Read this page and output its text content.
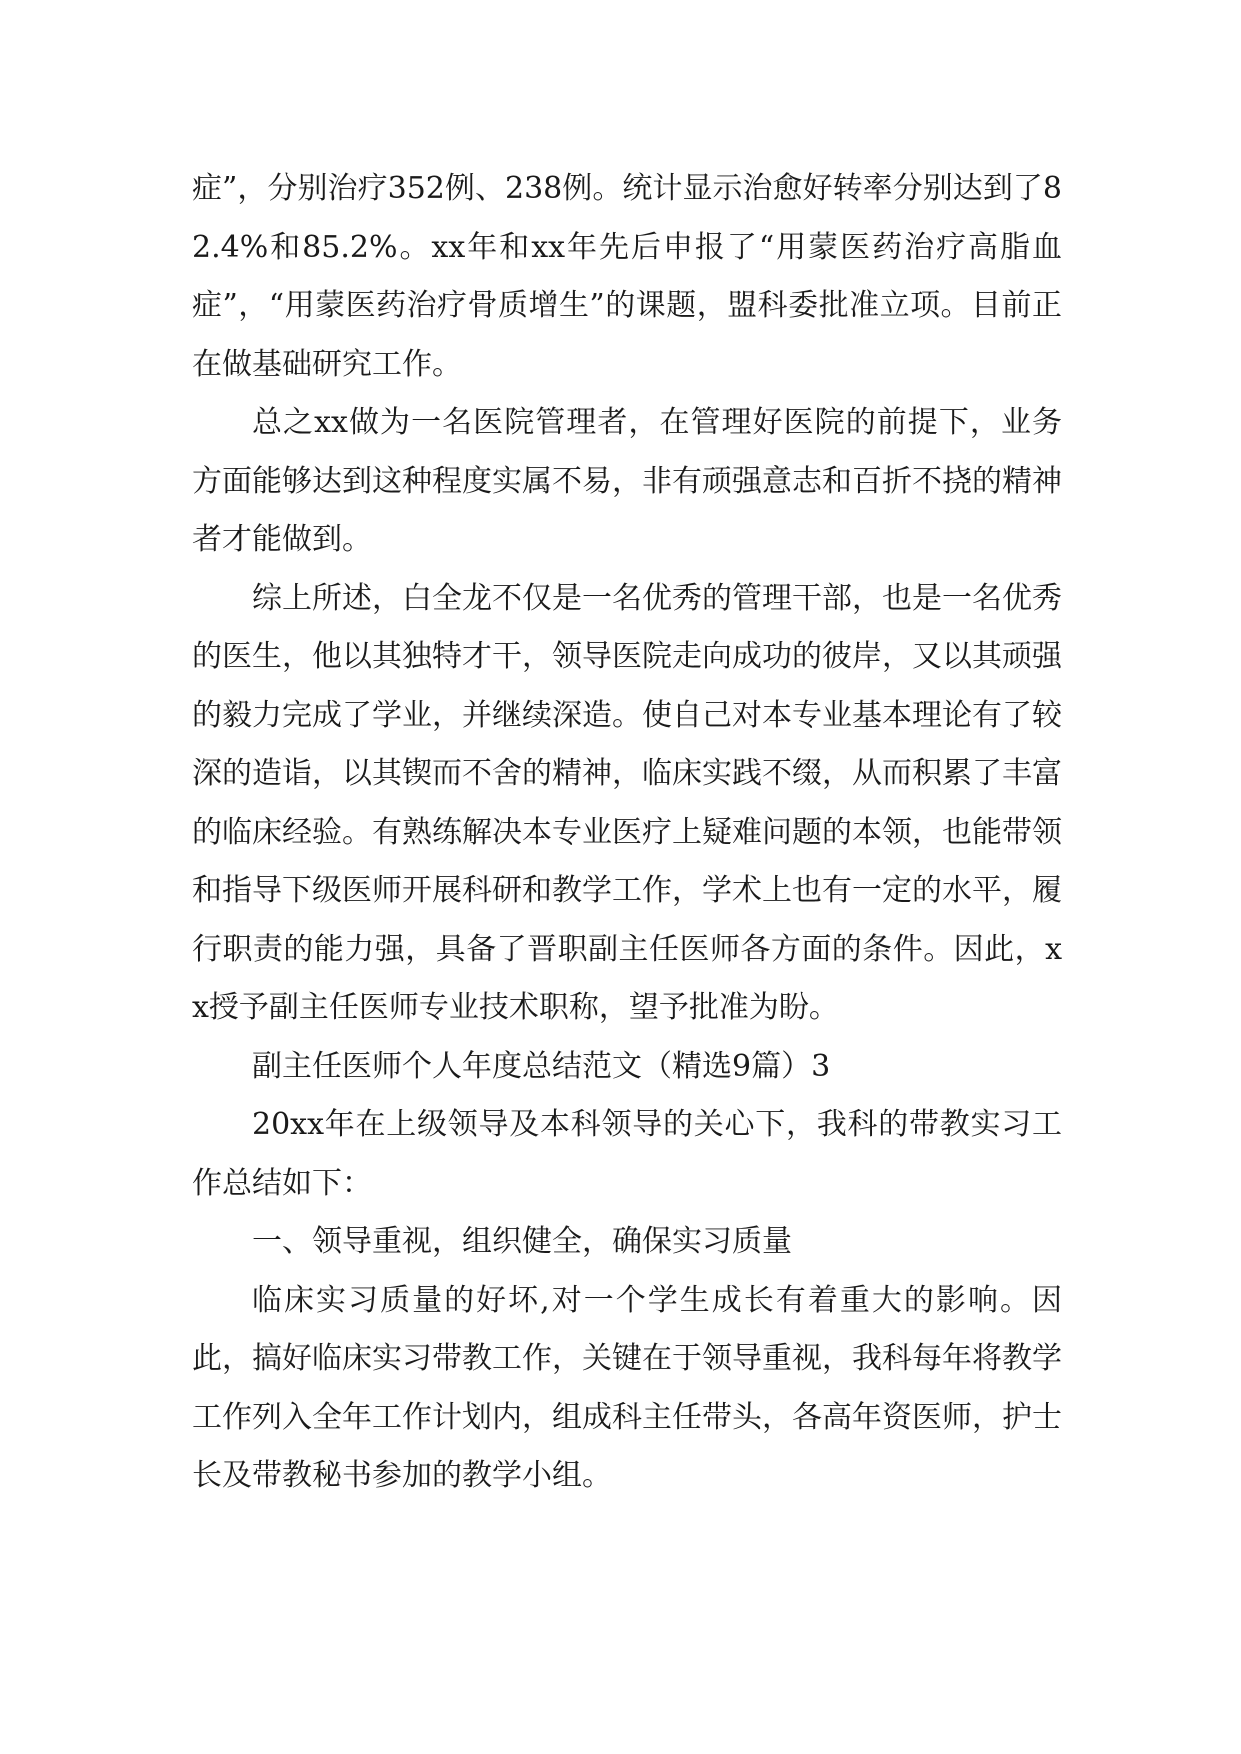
症”，分别治疗352例、238例。统计显示治愈好转率分别达到了82.4%和85.2%。xx年和xx年先后申报了“用蒙医药治疗高脂血症”，“用蒙医药治疗骨质增生”的课题，盟科委批准立项。目前正在做基础研究工作。

总之xx做为一名医院管理者，在管理好医院的前提下，业务方面能够达到这种程度实属不易，非有顽强意志和百折不挠的精神者才能做到。

综上所述，白全龙不仅是一名优秀的管理干部，也是一名优秀的医生，他以其独特才干，领导医院走向成功的彼岸，又以其顽强的毅力完成了学业，并继续深造。使自己对本专业基本理论有了较深的造诣，以其锲而不舍的精神，临床实践不缀，从而积累了丰富的临床经验。有熟练解决本专业医疗上疑难问题的本领，也能带领和指导下级医师开展科研和教学工作，学术上也有一定的水平，履行职责的能力强，具备了晋职副主任医师各方面的条件。因此，xx授予副主任医师专业技术职称，望予批准为盼。

副主任医师个人年度总结范文（精选9篇）3

20xx年在上级领导及本科领导的关心下，我科的带教实习工作总结如下：

一、领导重视，组织健全，确保实习质量

临床实习质量的好坏,对一个学生成长有着重大的影响。因此，搞好临床实习带教工作，关键在于领导重视，我科每年将教学工作列入全年工作计划内，组成科主任带头，各高年资医师，护士长及带教秘书参加的教学小组。
